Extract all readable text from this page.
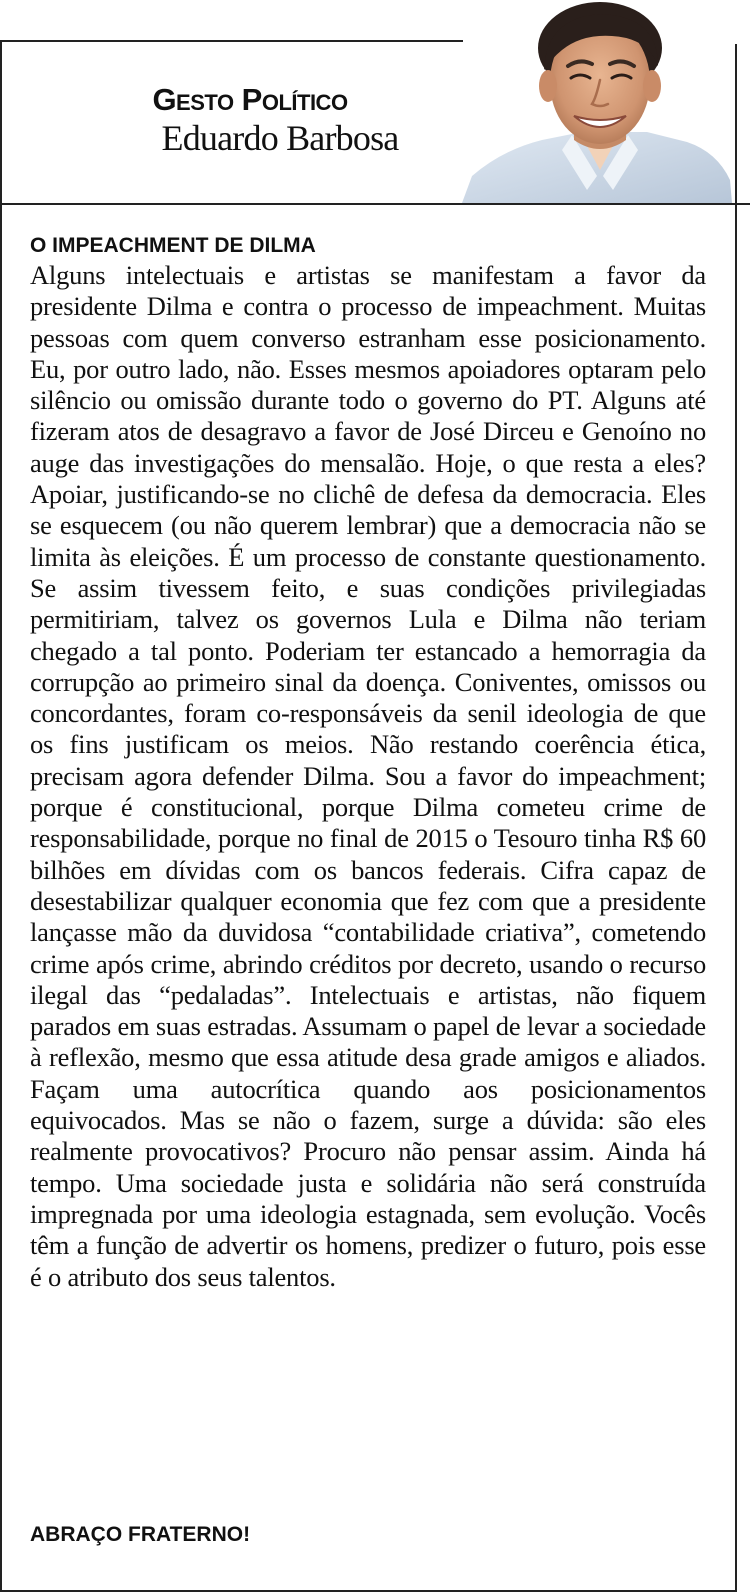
Gesto Político
Eduardo Barbosa
O IMPEACHMENT DE DILMA

Alguns intelectuais e artistas se manifestam a favor da presidente Dilma e contra o processo de impeachment. Muitas pessoas com quem converso estranham esse posicionamento. Eu, por outro lado, não. Esses mesmos apoiadores optaram pelo silêncio ou omissão durante todo o governo do PT. Alguns até fizeram atos de desagravo a favor de José Dirceu e Genoíno no auge das investigações do mensalão. Hoje, o que resta a eles? Apoiar, justificando-se no clichê de defesa da democracia. Eles se esquecem (ou não querem lembrar) que a democracia não se limita às eleições. É um processo de constante questionamento. Se assim tivessem feito, e suas condições privilegiadas permitiriam, talvez os governos Lula e Dilma não teriam chegado a tal ponto. Poderiam ter estancado a hemorragia da corrupção ao primeiro sinal da doença. Coniventes, omissos ou concordantes, foram co-responsáveis da senil ideologia de que os fins justificam os meios. Não restando coerência ética, precisam agora defender Dilma. Sou a favor do impeachment; porque é constitucional, porque Dilma cometeu crime de responsabilidade, porque no final de 2015 o Tesouro tinha R$ 60 bilhões em dívidas com os bancos federais. Cifra capaz de desestabilizar qualquer economia que fez com que a presidente lançasse mão da duvidosa “contabilidade criativa”, cometendo crime após crime, abrindo créditos por decreto, usando o recurso ilegal das “pedaladas”. Intelectuais e artistas, não fiquem parados em suas estradas. Assumam o papel de levar a sociedade à reflexão, mesmo que essa atitude desa grade amigos e aliados. Façam uma autocrítica quando aos posicionamentos equivocados. Mas se não o fazem, surge a dúvida: são eles realmente provocativos? Procuro não pensar assim. Ainda há tempo. Uma sociedade justa e solidária não será construída impregnada por uma ideologia estagnada, sem evolução. Vocês têm a função de advertir os homens, predizer o futuro, pois esse é o atributo dos seus talentos.

ABRAÇO FRATERNO!
